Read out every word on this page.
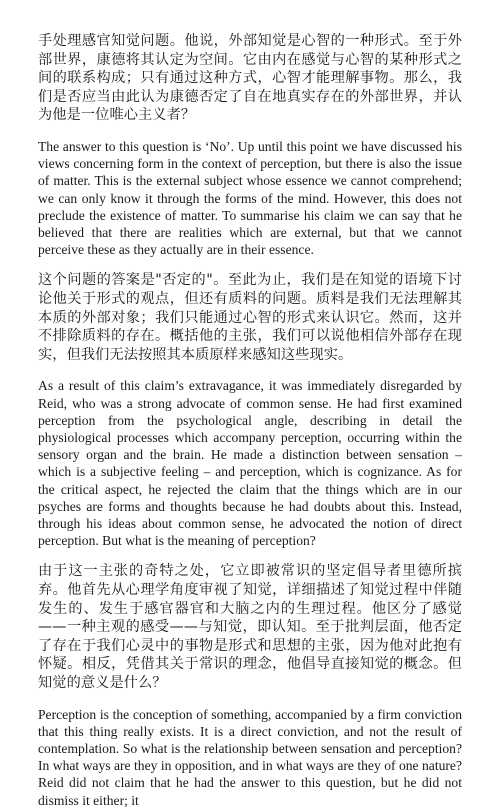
手处理感官知觉问题。他说，外部知觉是心智的一种形式。至于外部世界，康德将其认定为空间。它由内在感觉与心智的某种形式之间的联系构成；只有通过这种方式，心智才能理解事物。那么，我们是否应当由此认为康德否定了自在地真实存在的外部世界，并认为他是一位唯心主义者？

The answer to this question is ‘No’. Up until this point we have discussed his views concerning form in the context of perception, but there is also the issue of matter. This is the external subject whose essence we cannot comprehend; we can only know it through the forms of the mind. However, this does not preclude the existence of matter. To summarise his claim we can say that he believed that there are realities which are external, but that we cannot perceive these as they actually are in their essence.

这个问题的答案是"否定的"。至此为止，我们是在知觉的语境下讨论他关于形式的观点，但还有质料的问题。质料是我们无法理解其本质的外部对象；我们只能通过心智的形式来认识它。然而，这并不排除质料的存在。概括他的主张，我们可以说他相信外部存在现实，但我们无法按照其本质原样来感知这些现实。

As a result of this claim’s extravagance, it was immediately disregarded by Reid, who was a strong advocate of common sense. He had first examined perception from the psychological angle, describing in detail the physiological processes which accompany perception, occurring within the sensory organ and the brain. He made a distinction between sensation – which is a subjective feeling – and perception, which is cognizance. As for the critical aspect, he rejected the claim that the things which are in our psyches are forms and thoughts because he had doubts about this. Instead, through his ideas about common sense, he advocated the notion of direct perception. But what is the meaning of perception?

由于这一主张的奇特之处，它立即被常识的坚定倡导者里德所摈弃。他首先从心理学角度审视了知觉，详细描述了知觉过程中伴随发生的、发生于感官器官和大脑之内的生理过程。他区分了感觉——一种主观的感受——与知觉，即认知。至于批判层面，他否定了存在于我们心灵中的事物是形式和思想的主张，因为他对此抱有怀疑。相反，凭借其关于常识的理念，他倡导直接知觉的概念。但知觉的意义是什么？

Perception is the conception of something, accompanied by a firm conviction that this thing really exists. It is a direct conviction, and not the result of contemplation. So what is the relationship between sensation and perception? In what ways are they in opposition, and in what ways are they of one nature? Reid did not claim that he had the answer to this question, but he did not dismiss it either; it
